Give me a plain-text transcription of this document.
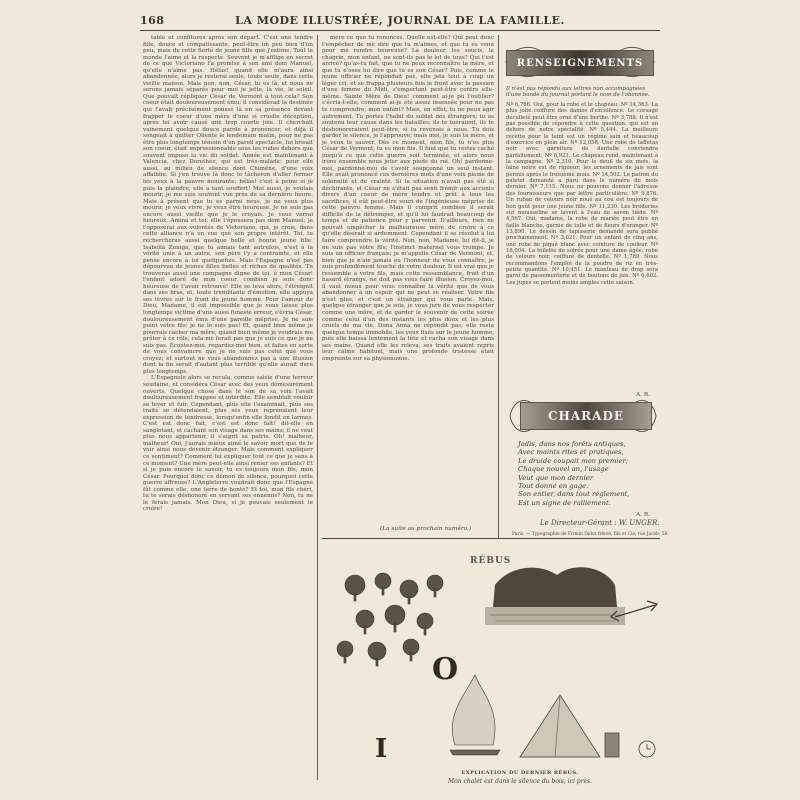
168	LA MODE ILLUSTRÉE, JOURNAL DE LA FAMILLE.

table et confitures après son départ. C'est une tendre fille, douce et compatissante, peut-être un peu bien d'un peu, mais de cette fierté de jeune fille que j'estime. Tout le monde l'aime et la respecte. Souvent je m'afflige en secret de ce que Victoriano l'a promise à son ami dom Manuel, qu'elle n'aime pas. Hélas! quand elle m'aura ainsi abandonnée, alors je resterai seule, toute seule, dans cette vieille maison. Mais non, non, César, tu es là, et nous ne serons jamais séparés pour moi je jette, là vie, le soleil. Que pouvait répliquer César de Vermont à tout cela? Son coeur était douloureusement ému; il considérait la destinée qui l'avait précisément poussé là en sa présence devant frapper le coeur d'une mère d'une si cruelle déception, après lui avoir causé une trop courte joie. Il cherchait vainement quelque douce parole à prononcer, et déjà il songeait à quitter Oliente le lendemain matin, pour ne pas être plus longtemps témoin d'un pareil spectacle, lui brisait son coeur, était impressionnable sous les rudes dehors que souvent impose la vie du soldat. Année est maintenant à Valencia, chez Dorothée, qui est très-malade; pour elle aussi, au milieu de silence dont Chimène, d'une voix affaiblie. Si j'en trouve là donc le tâcheron d'aller fermer les yeux à la pauvre mourante; hélas! c'est à peine si je puis la plaindre, elle a tant souffert! Moi aussi, je voulais mourir, je me suis souvent vue près de sa dernière heure. Mais à présent que tu es parmi nous, je ne veux plus mourir, je veux vivre, je veux être heureuse. Je ne suis pas encore aussi vieille que je le croyais. Je vous verrai heureux, Amina et toi; elle t'épousera pas dom Manuel; je l'opposerai aux volontés de Victoriano, qui, je crois, dans cette alliance n'a en vue que son propre intérêt. Toi, tu rechercheras aussi quelque belle et bonne jeune fille. Isabella Zuniga, que tu aimais tant autrefois, n'est à la vérité unie à un autre, son père l'y a contrainte, et elle pense encore à toi quelquefois. Mais l'Espagne n'est pas dépourvue de jeunes filles belles et riches de qualités. Tu trouveras aussi une compagne digne de toi, ô mon César! l'enfant adoré de mon coeur, combien je suis donc heureuse de t'avoir retrouvé! Elle se leva alors, l'étreignit dans ses bras, et, toute tremblante d'émotion, elle appuya ses lèvres sur le front du jeune homme. Pour l'amour de Dieu, Madame, il est impossible que je vous laisse plus longtemps victime d'une aussi funeste erreur, s'écria César, douloureusement ému d'une pareille méprise. Je ne suis point votre fils; je ne le suis pas! Et, quand bien même je pourrais cacher ma mère, quand bien même je voudrais me prêter à ce rôle, cela me ferait pas que je suis ce que je ne suis pas. Écoutez-moi, regardez-moi bien, et faites en sorte de vous convaincre que je ne suis pas celui que vous croyez; et surtout ne vous abandonnez pas à une illusion dont la fin serait d'autant plus terrible qu'elle aurait duré plus longtemps.

L'Espagnole alors se recula, comme saisie d'une terreur soudaine, et considéra César avec des yeux démesurément ouverts. Quelque chose dans le son de sa voix l'avait douloureusement frappée et interdite. Elle semblait vouloir se lever et fuir. Cependant, plus elle l'examinait, plus ses traits se détendaient, plus ses yeux reprenaient leur expression de tendresse, lorsqu'enfin elle fondit en larmes. C'est est donc fait, c'est est donc fait! dit-elle en sanglotant, et cachant son visage dans ses mains; il ne veut plus nous appartenir, il s'aigrit sa patrie. Oh! malheur, malheur! Oui, j'aurais mieux aimé le savoir mort que de le voir ainsi nous devenir étranger. Mais comment expliquer ce sentiment? Comment lui expliquer tout ce que je sens à ce moment? Une mère peut-elle ainsi renier ses enfants? Et si je puis encore le savoir, tu es toujours mon fils, mon César. Pourquoi donc ce démon de silence, pourquoi cette guerre affreuse? L'Angleterre voudrait donc que l'Espagne fût comme elle, une terre de honte? Et toi, mon fils chéri, tu te serais déshonoré en servant ses ennemis? Non, tu ne le ferais jamais. Mon Dieu, si je pouvais seulement le croire!

mère ce que tu renonces. Quelle est-elle? Qui peut donc t'empêcher de me dire que tu m'aimes, et que tu es venu pour me rendre heureuse? La douleur, les soucis, le chagrin, mon enfant, ne sont-ils pas le lot de tous? Qui t'est arrivé? qu'as-tu fait, que tu ne peux reconnaître ta mère, et que tu n'oses lui dire que tu es son César? Puis, comme le jeune officier ne répondait pas, elle jeta tout à coup un léger cri, et se frappa plusieurs fois le front avec la passion d'une femme du Midi, s'emportant peut-être contre elle-même. Sainte Mère de Dieu! comment ai-je pu l'oublier? s'écria-t-elle; comment ai-je été assez insensée pour ne pas te comprendre, mon enfant? Mais, en effet, tu ne peux agir autrement. Tu portes l'habit du soldat des étrangers; tu as soutenu leur cause dans les batailles; ils te tueraient, ils te déshonoreraient peut-être, si tu revenais à nous. Tu dois garder le silence, je l'approuve; mais moi, je suis ta mère, et je veux te sauver. Dès ce moment, mon fils, tu n'es plus César de Vermont, tu es mon fils. Il faut que tu restes caché jusqu'à ce que cette guerre soit terminée, et alors nous irons ensemble nous jeter aux pieds du roi. Oh! pardonne-moi, pardonne-moi de t'avoir soupçonné un seul instant. Elle avait prononcé ces dernières mots d'une voix pleine de solennité et de crainte. Si la situation n'avait pas été si déchirante, et César ne s'était pas senti frémir aux accents divers d'un coeur de mère tendre et prêt à tous les sacrifices, il eût peut-être souri de l'ingénieuse méprise de cette pauvre femme. Mais il comprit combien il serait difficile de la détromper, et qu'il lui faudrait beaucoup de temps et de patience pour y parvenir. D'ailleurs, rien ne pouvait empêcher la malheureuse mère de croire à ce qu'elle désirait si ardemment. Cependant il se résolut à lui faire comprendre la vérité. Non, non, Madame, lui dit-il, je ne suis pas votre fils; l'instinct maternel vous trompe. Je suis un officier français; je m'appelle César de Vermont, et, bien que je n'aie jamais eu l'honneur de vous connaître, je suis profondément touché de votre douleur. Il est vrai que je ressemble à votre fils, mais cette ressemblance, fruit d'un hasard étrange, ne doit pas vous faire illusion. Croyez-moi, il vaut mieux pour vous connaître la vérité que de vous abandonner à un espoir qui ne peut se réaliser. Votre fils n'est plus, et c'est un étranger qui vous parle. Mais, quelque étranger que je sois, je vous jure de vous respecter comme une mère, et de garder le souvenir de cette soirée comme celui d'un des instants les plus doux et les plus cruels de ma vie. Dona Anna ne répondit pas; elle resta quelque temps immobile, les yeux fixés sur le jeune homme, puis elle baissa lentement la tête et cacha son visage dans ses mains. Quand elle les releva, ses traits avaient repris leur calme habituel, mais une profonde tristesse était empreinte sur sa physionomie.

(La suite au prochain numéro.)
RENSEIGNEMENTS
Il n'est pas répondu aux lettres non accompagnées d'une bande du journal portant le nom de l'abonnée.
Nº 6,766. Oui, pour la robe et le chapeau. Nº 14,363. La plus jolie coiffure des dames d'excellence. Le corsage décolleté peut être orné d'une berthe. Nº 3,788. Il n'est pas possible de répondre à cette question, qui est en dehors de notre spécialité. Nº 5,444. La meilleure recette pour le teint est un régime sain et beaucoup d'exercice en plein air. Nº 12,058. Une robe de taffetas noir avec garniture de dentelle conviendra parfaitement. Nº 8,921. Le chapeau rond, maintenant à la campagne. Nº 2,310. Pour le deuil de six mois, la laine noire est de rigueur; les ornements de jais sont permis après le troisième mois. Nº 14,502. Le patron du paletot demandé a paru dans le numéro du mois dernier. Nº 7,115. Nous ne pouvons donner l'adresse des fournisseurs que par lettre particulière. Nº 9,876. Un ruban de velours noir noué au cou est toujours de bon goût pour une jeune fille. Nº 11,230. Les broderies sur mousseline se lavent à l'eau de savon tiède. Nº 4,567. Oui, madame, la robe de mariée peut être en faille blanche, garnie de tulle et de fleurs d'oranger. Nº 13,890. Le dessin de tapisserie demandé sera publié prochainement. Nº 3,021. Pour un enfant de cinq ans, une robe de piqué blanc avec ceinture de couleur. Nº 16,004. La toilette de soirée pour une dame âgée: robe de velours noir, coiffure de dentelle. Nº 1,789. Nous recommandons l'emploi de la poudre de riz en très-petite quantité. Nº 10,451. Le manteau de drap sera garni de passementerie et de boutons de jais. Nº 6,602. Les jupes se portent moins amples cette saison.
A. R.
CHARADE
Jadis, dans nos forêts antiques,
Avec maints rites et pratiques,
Le druide coupait mon premier;
Chaque nouvel an, l'usage
Veut que mon dernier
Tout donné en gage.
Son entier, dans tout réglement,
Est un signe de ralliement.
A. R.
Le Directeur-Gérant : W. UNGER.
Paris. — Typographie de Firmin Didot frères, fils et Cie, rue Jacob, 56.
RÉBUS
O
I
EXPLICATION DU DERNIER RÉBUS.
Mon chalet est dans le silence du bois, ici près.
